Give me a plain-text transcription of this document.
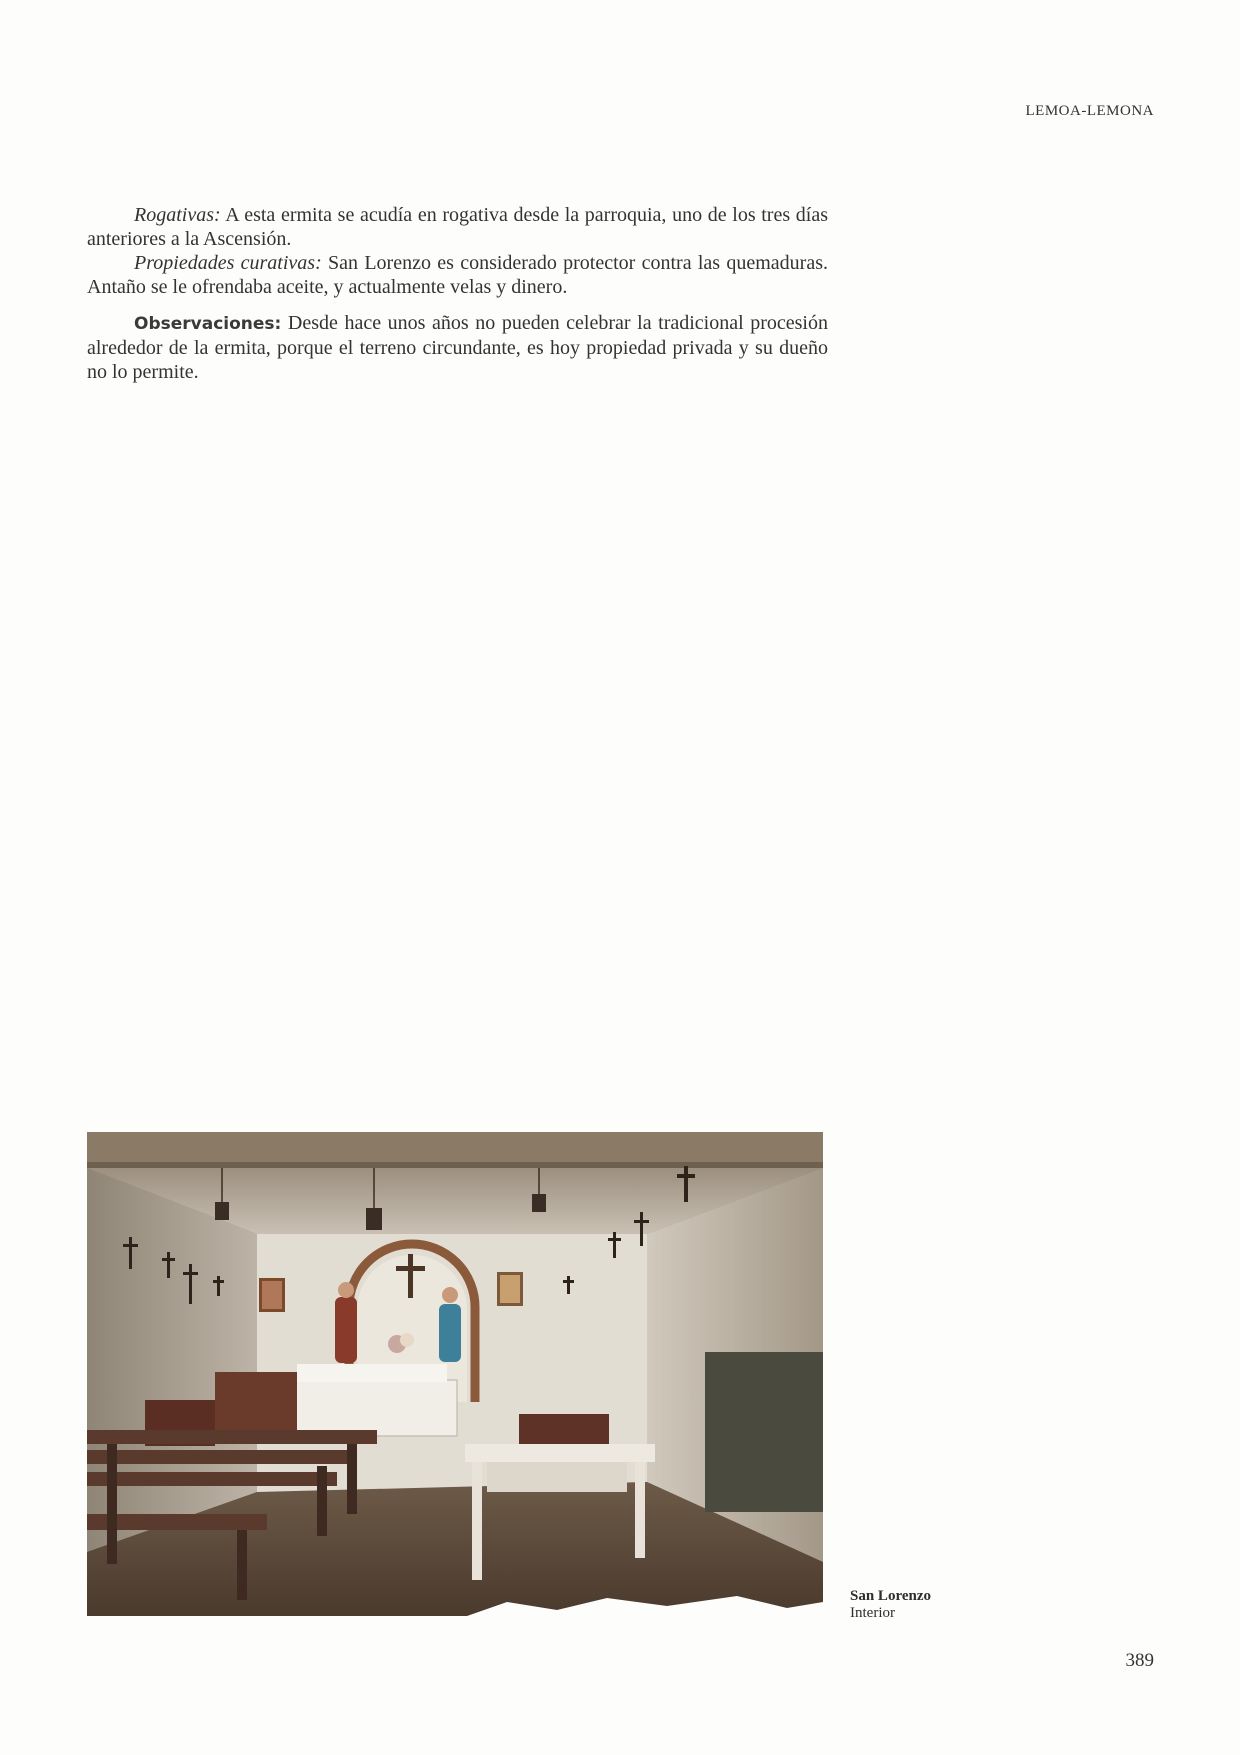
LEMOA-LEMONA

Rogativas: A esta ermita se acudía en rogativa desde la parroquia, uno de los tres días anteriores a la Ascensión.

Propiedades curativas: San Lorenzo es considerado protector contra las quemaduras. Antaño se le ofrendaba aceite, y actualmente velas y dinero.

Observaciones: Desde hace unos años no pueden celebrar la tradicional procesión alrededor de la ermita, porque el terreno circundante, es hoy propiedad privada y su dueño no lo permite.

San Lorenzo
Interior
389
